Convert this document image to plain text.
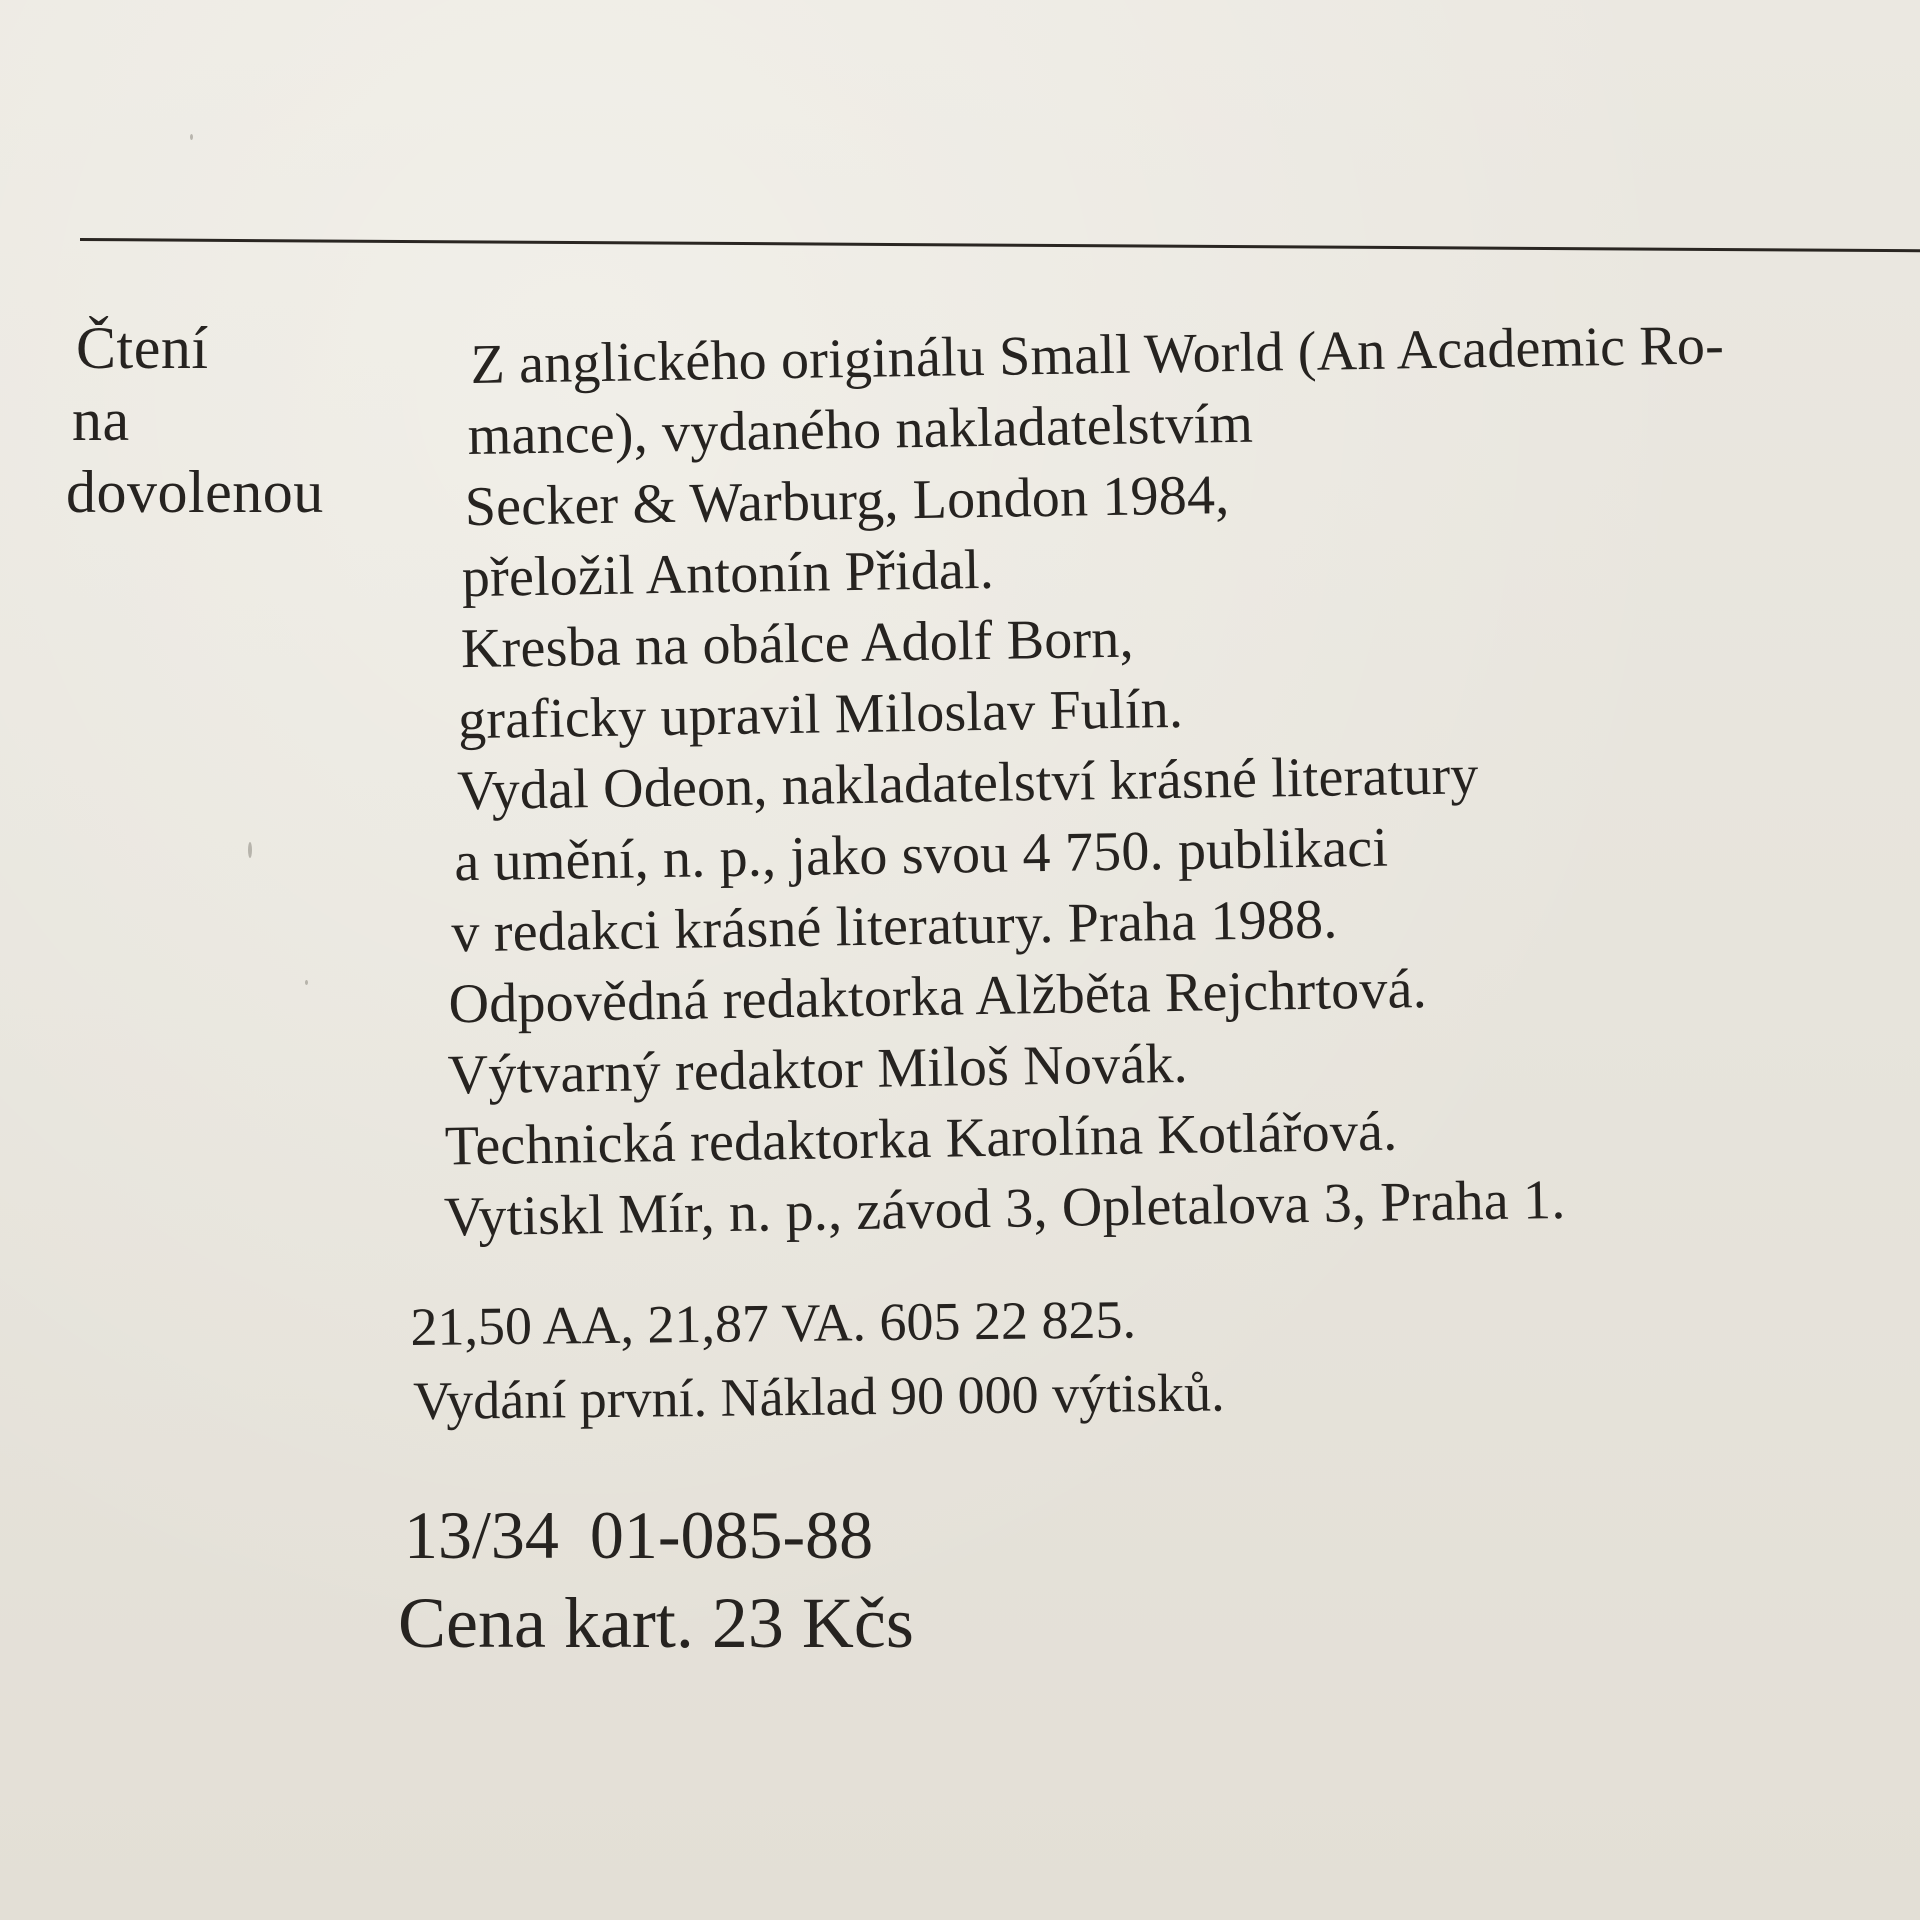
Čtení
na
dovolenou
Z anglického originálu Small World (An Academic Ro-
mance), vydaného nakladatelstvím
Secker & Warburg, London 1984,
přeložil Antonín Přidal.
Kresba na obálce Adolf Born,
graficky upravil Miloslav Fulín.
Vydal Odeon, nakladatelství krásné literatury
a umění, n. p., jako svou 4 750. publikaci
v redakci krásné literatury. Praha 1988.
Odpovědná redaktorka Alžběta Rejchrtová.
Výtvarný redaktor Miloš Novák.
Technická redaktorka Karolína Kotlářová.
Vytiskl Mír, n. p., závod 3, Opletalova 3, Praha 1.
21,50 AA, 21,87 VA. 605 22 825.
Vydání první. Náklad 90 000 výtisků.
13/34 01-085-88
Cena kart. 23 Kčs
